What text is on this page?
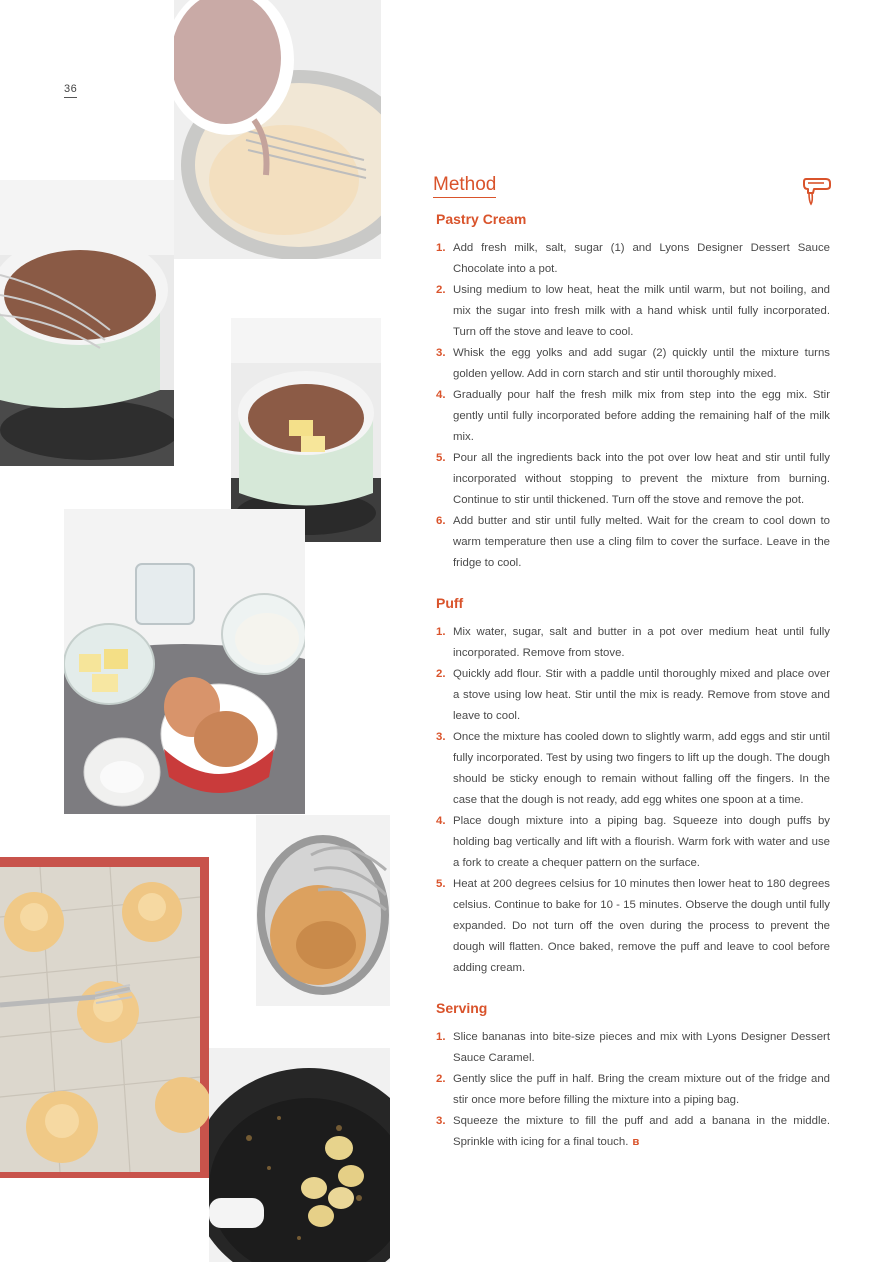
36
Method
Pastry Cream
1. Add fresh milk, salt, sugar (1) and Lyons Designer Dessert Sauce Chocolate into a pot.
2. Using medium to low heat, heat the milk until warm, but not boiling, and mix the sugar into fresh milk with a hand whisk until fully incorporated. Turn off the stove and leave to cool.
3. Whisk the egg yolks and add sugar (2) quickly until the mixture turns golden yellow. Add in corn starch and stir until thoroughly mixed.
4. Gradually pour half the fresh milk mix from step into the egg mix. Stir gently until fully incorporated before adding the remaining half of the milk mix.
5. Pour all the ingredients back into the pot over low heat and stir until fully incorporated without stopping to prevent the mixture from burning. Continue to stir until thickened. Turn off the stove and remove the pot.
6. Add butter and stir until fully melted. Wait for the cream to cool down to warm temperature then use a cling film to cover the surface. Leave in the fridge to cool.
Puff
1. Mix water, sugar, salt and butter in a pot over medium heat until fully incorporated. Remove from stove.
2. Quickly add flour. Stir with a paddle until thoroughly mixed and place over a stove using low heat. Stir until the mix is ready. Remove from stove and leave to cool.
3. Once the mixture has cooled down to slightly warm, add eggs and stir until fully incorporated. Test by using two fingers to lift up the dough. The dough should be sticky enough to remain without falling off the fingers. In the case that the dough is not ready, add egg whites one spoon at a time.
4. Place dough mixture into a piping bag. Squeeze into dough puffs by holding bag vertically and lift with a flourish. Warm fork with water and use a fork to create a chequer pattern on the surface.
5. Heat at 200 degrees celsius for 10 minutes then lower heat to 180 degrees celsius. Continue to bake for 10 - 15 minutes. Observe the dough until fully expanded. Do not turn off the oven during the process to prevent the dough will flatten. Once baked, remove the puff and leave to cool before adding cream.
Serving
1. Slice bananas into bite-size pieces and mix with Lyons Designer Dessert Sauce Caramel.
2. Gently slice the puff in half. Bring the cream mixture out of the fridge and stir once more before filling the mixture into a piping bag.
3. Squeeze the mixture to fill the puff and add a banana in the middle. Sprinkle with icing for a final touch. ʙ
